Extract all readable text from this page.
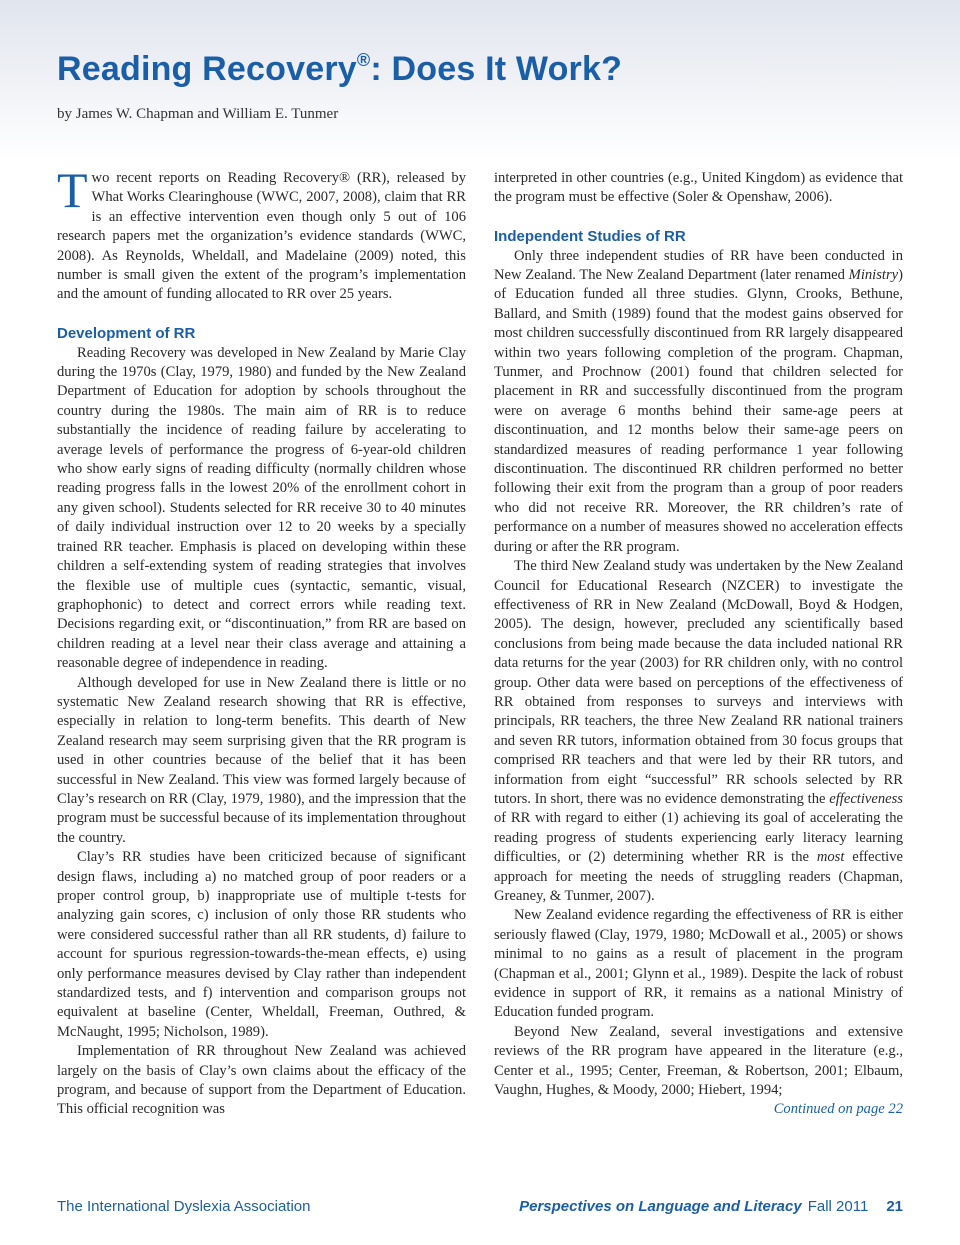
Reading Recovery®: Does It Work?
by James W. Chapman and William E. Tunmer

Two recent reports on Reading Recovery® (RR), released by What Works Clearinghouse (WWC, 2007, 2008), claim that RR is an effective intervention even though only 5 out of 106 research papers met the organization’s evidence standards (WWC, 2008). As Reynolds, Wheldall, and Madelaine (2009) noted, this number is small given the extent of the program’s implementation and the amount of funding allocated to RR over 25 years.

Development of RR

Reading Recovery was developed in New Zealand by Marie Clay during the 1970s (Clay, 1979, 1980) and funded by the New Zealand Department of Education for adoption by schools throughout the country during the 1980s. The main aim of RR is to reduce substantially the incidence of reading failure by accelerating to average levels of performance the progress of 6-year-old children who show early signs of reading difficulty (normally children whose reading progress falls in the lowest 20% of the enrollment cohort in any given school). Students selected for RR receive 30 to 40 minutes of daily individual instruction over 12 to 20 weeks by a specially trained RR teacher. Emphasis is placed on developing within these children a self-extending system of reading strategies that involves the flexible use of multiple cues (syntactic, semantic, visual, graphophonic) to detect and correct errors while reading text. Decisions regarding exit, or “discontinuation,” from RR are based on children reading at a level near their class average and attaining a reasonable degree of independence in reading.

Although developed for use in New Zealand there is little or no systematic New Zealand research showing that RR is effective, especially in relation to long-term benefits. This dearth of New Zealand research may seem surprising given that the RR program is used in other countries because of the belief that it has been successful in New Zealand. This view was formed largely because of Clay’s research on RR (Clay, 1979, 1980), and the impression that the program must be successful because of its implementation throughout the country.

Clay’s RR studies have been criticized because of significant design flaws, including a) no matched group of poor readers or a proper control group, b) inappropriate use of multiple t-tests for analyzing gain scores, c) inclusion of only those RR students who were considered successful rather than all RR students, d) failure to account for spurious regression-towards-the-mean effects, e) using only performance measures devised by Clay rather than independent standardized tests, and f) intervention and comparison groups not equivalent at baseline (Center, Wheldall, Freeman, Outhred, & McNaught, 1995; Nicholson, 1989).

Implementation of RR throughout New Zealand was achieved largely on the basis of Clay’s own claims about the efficacy of the program, and because of support from the Department of Education. This official recognition was

interpreted in other countries (e.g., United Kingdom) as evidence that the program must be effective (Soler & Openshaw, 2006).

Independent Studies of RR

Only three independent studies of RR have been conducted in New Zealand. The New Zealand Department (later renamed Ministry) of Education funded all three studies. Glynn, Crooks, Bethune, Ballard, and Smith (1989) found that the modest gains observed for most children successfully discontinued from RR largely disappeared within two years following completion of the program. Chapman, Tunmer, and Prochnow (2001) found that children selected for placement in RR and successfully discontinued from the program were on average 6 months behind their same-age peers at discontinuation, and 12 months below their same-age peers on standardized measures of reading performance 1 year following discontinuation. The discontinued RR children performed no better following their exit from the program than a group of poor readers who did not receive RR. Moreover, the RR children’s rate of performance on a number of measures showed no acceleration effects during or after the RR program.

The third New Zealand study was undertaken by the New Zealand Council for Educational Research (NZCER) to investigate the effectiveness of RR in New Zealand (McDowall, Boyd & Hodgen, 2005). The design, however, precluded any scientifically based conclusions from being made because the data included national RR data returns for the year (2003) for RR children only, with no control group. Other data were based on perceptions of the effectiveness of RR obtained from responses to surveys and interviews with principals, RR teachers, the three New Zealand RR national trainers and seven RR tutors, information obtained from 30 focus groups that comprised RR teachers and that were led by their RR tutors, and information from eight “successful” RR schools selected by RR tutors. In short, there was no evidence demonstrating the effectiveness of RR with regard to either (1) achieving its goal of accelerating the reading progress of students experiencing early literacy learning difficulties, or (2) determining whether RR is the most effective approach for meeting the needs of struggling readers (Chapman, Greaney, & Tunmer, 2007).

New Zealand evidence regarding the effectiveness of RR is either seriously flawed (Clay, 1979, 1980; McDowall et al., 2005) or shows minimal to no gains as a result of placement in the program (Chapman et al., 2001; Glynn et al., 1989). Despite the lack of robust evidence in support of RR, it remains as a national Ministry of Education funded program.

Beyond New Zealand, several investigations and extensive reviews of the RR program have appeared in the literature (e.g., Center et al., 1995; Center, Freeman, & Robertson, 2001; Elbaum, Vaughn, Hughes, & Moody, 2000; Hiebert, 1994;

Continued on page 22

The International Dyslexia Association	Perspectives on Language and Literacy Fall 2011 21
